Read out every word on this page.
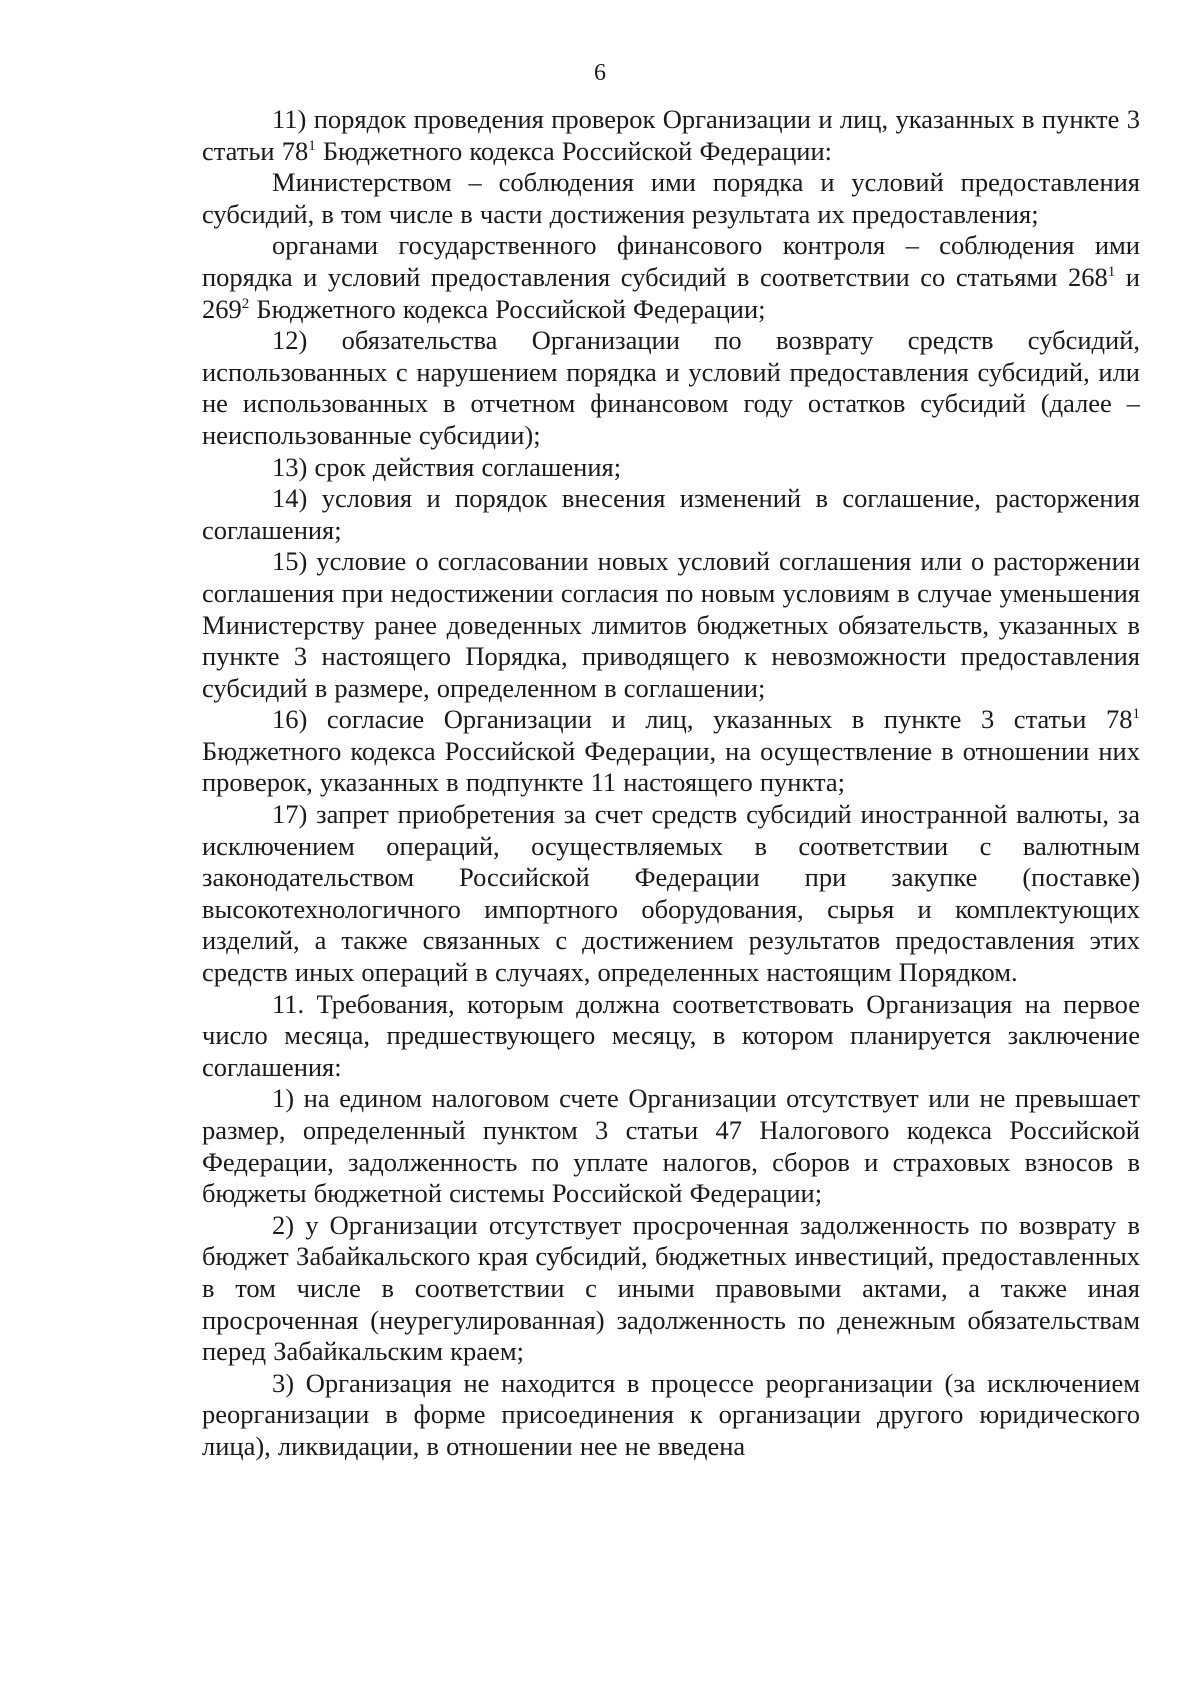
6

11) порядок проведения проверок Организации и лиц, указанных в пункте 3 статьи $78^1$ Бюджетного кодекса Российской Федерации:

Министерством – соблюдения ими порядка и условий предоставления субсидий, в том числе в части достижения результата их предоставления;

органами государственного финансового контроля – соблюдения ими порядка и условий предоставления субсидий в соответствии со статьями $268^1$ и $269^2$ Бюджетного кодекса Российской Федерации;

12) обязательства Организации по возврату средств субсидий, использованных с нарушением порядка и условий предоставления субсидий, или не использованных в отчетном финансовом году остатков субсидий (далее – неиспользованные субсидии);

13) срок действия соглашения;

14) условия и порядок внесения изменений в соглашение, расторжения соглашения;

15) условие о согласовании новых условий соглашения или о расторжении соглашения при недостижении согласия по новым условиям в случае уменьшения Министерству ранее доведенных лимитов бюджетных обязательств, указанных в пункте 3 настоящего Порядка, приводящего к невозможности предоставления субсидий в размере, определенном в соглашении;

16) согласие Организации и лиц, указанных в пункте 3 статьи $78^1$ Бюджетного кодекса Российской Федерации, на осуществление в отношении них проверок, указанных в подпункте 11 настоящего пункта;

17) запрет приобретения за счет средств субсидий иностранной валюты, за исключением операций, осуществляемых в соответствии с валютным законодательством Российской Федерации при закупке (поставке) высокотехнологичного импортного оборудования, сырья и комплектующих изделий, а также связанных с достижением результатов предоставления этих средств иных операций в случаях, определенных настоящим Порядком.

11. Требования, которым должна соответствовать Организация на первое число месяца, предшествующего месяцу, в котором планируется заключение соглашения:

1) на едином налоговом счете Организации отсутствует или не превышает размер, определенный пунктом 3 статьи 47 Налогового кодекса Российской Федерации, задолженность по уплате налогов, сборов и страховых взносов в бюджеты бюджетной системы Российской Федерации;

2) у Организации отсутствует просроченная задолженность по возврату в бюджет Забайкальского края субсидий, бюджетных инвестиций, предоставленных в том числе в соответствии с иными правовыми актами, а также иная просроченная (неурегулированная) задолженность по денежным обязательствам перед Забайкальским краем;

3) Организация не находится в процессе реорганизации (за исключением реорганизации в форме присоединения к организации другого юридического лица), ликвидации, в отношении нее не введена
